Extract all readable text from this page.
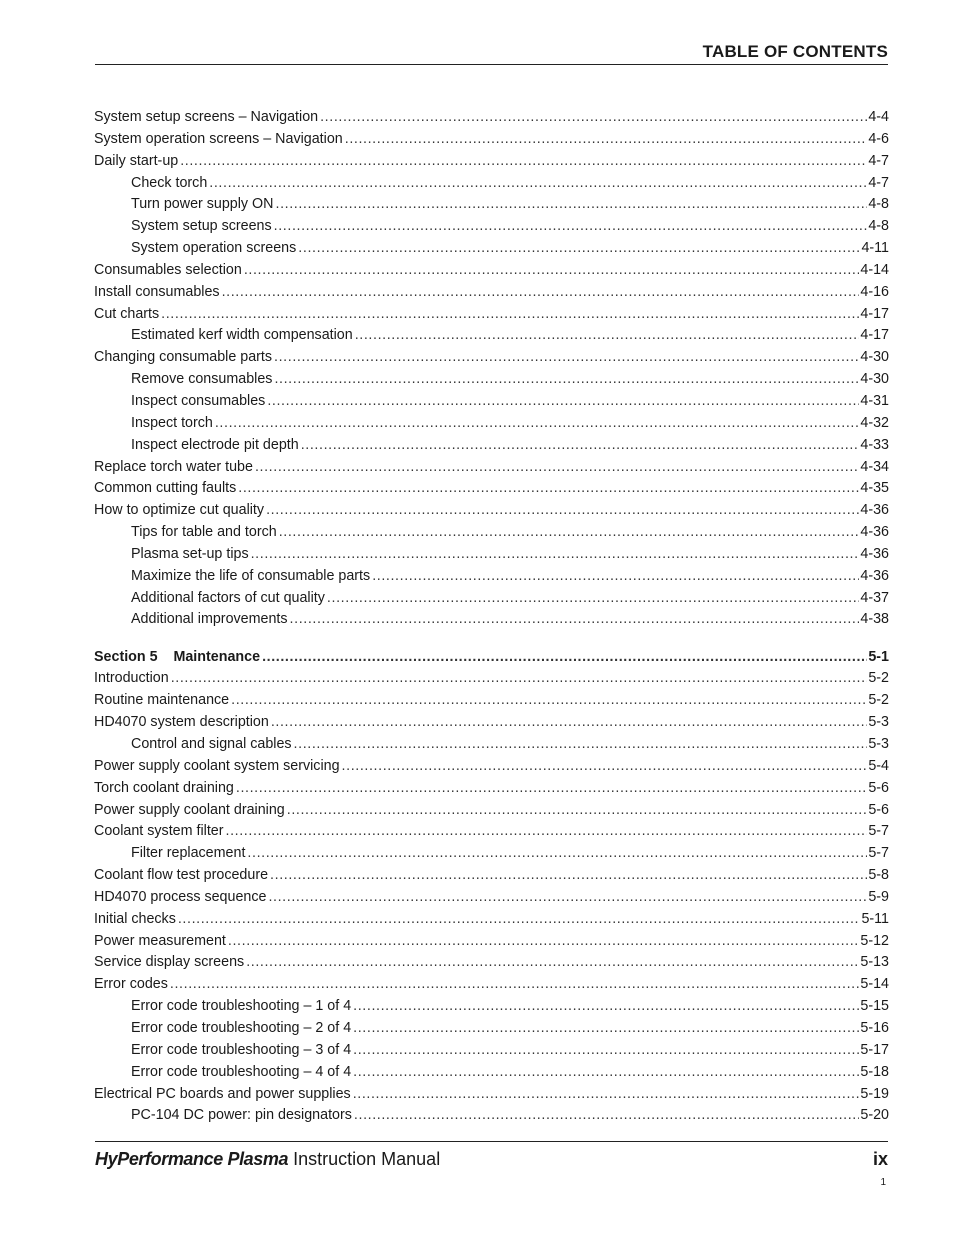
TABLE OF CONTENTS
System setup screens – Navigation .....	4-4
System operation screens – Navigation .....	4-6
Daily start-up .....	4-7
Check torch .....	4-7
Turn power supply ON .....	4-8
System setup screens .....	4-8
System operation screens .....	4-11
Consumables selection .....	4-14
Install consumables .....	4-16
Cut charts .....	4-17
Estimated kerf width compensation .....	4-17
Changing consumable parts .....	4-30
Remove consumables .....	4-30
Inspect consumables .....	4-31
Inspect torch .....	4-32
Inspect electrode pit depth .....	4-33
Replace torch water tube .....	4-34
Common cutting faults .....	4-35
How to optimize cut quality .....	4-36
Tips for table and torch .....	4-36
Plasma set-up tips .....	4-36
Maximize the life of consumable parts .....	4-36
Additional factors of cut quality .....	4-37
Additional improvements .....	4-38
Section 5    Maintenance .....	5-1
Introduction .....	5-2
Routine maintenance .....	5-2
HD4070 system description .....	5-3
Control and signal cables .....	5-3
Power supply coolant system servicing .....	5-4
Torch coolant draining .....	5-6
Power supply coolant draining .....	5-6
Coolant system filter .....	5-7
Filter replacement .....	5-7
Coolant flow test procedure .....	5-8
HD4070 process sequence .....	5-9
Initial checks .....	5-11
Power measurement .....	5-12
Service display screens .....	5-13
Error codes .....	5-14
Error code troubleshooting – 1 of 4 .....	5-15
Error code troubleshooting – 2 of 4 .....	5-16
Error code troubleshooting – 3 of 4 .....	5-17
Error code troubleshooting – 4 of 4 .....	5-18
Electrical PC boards and power supplies .....	5-19
PC-104 DC power: pin designators .....	5-20
HyPerformance Plasma Instruction Manual	ix
1
